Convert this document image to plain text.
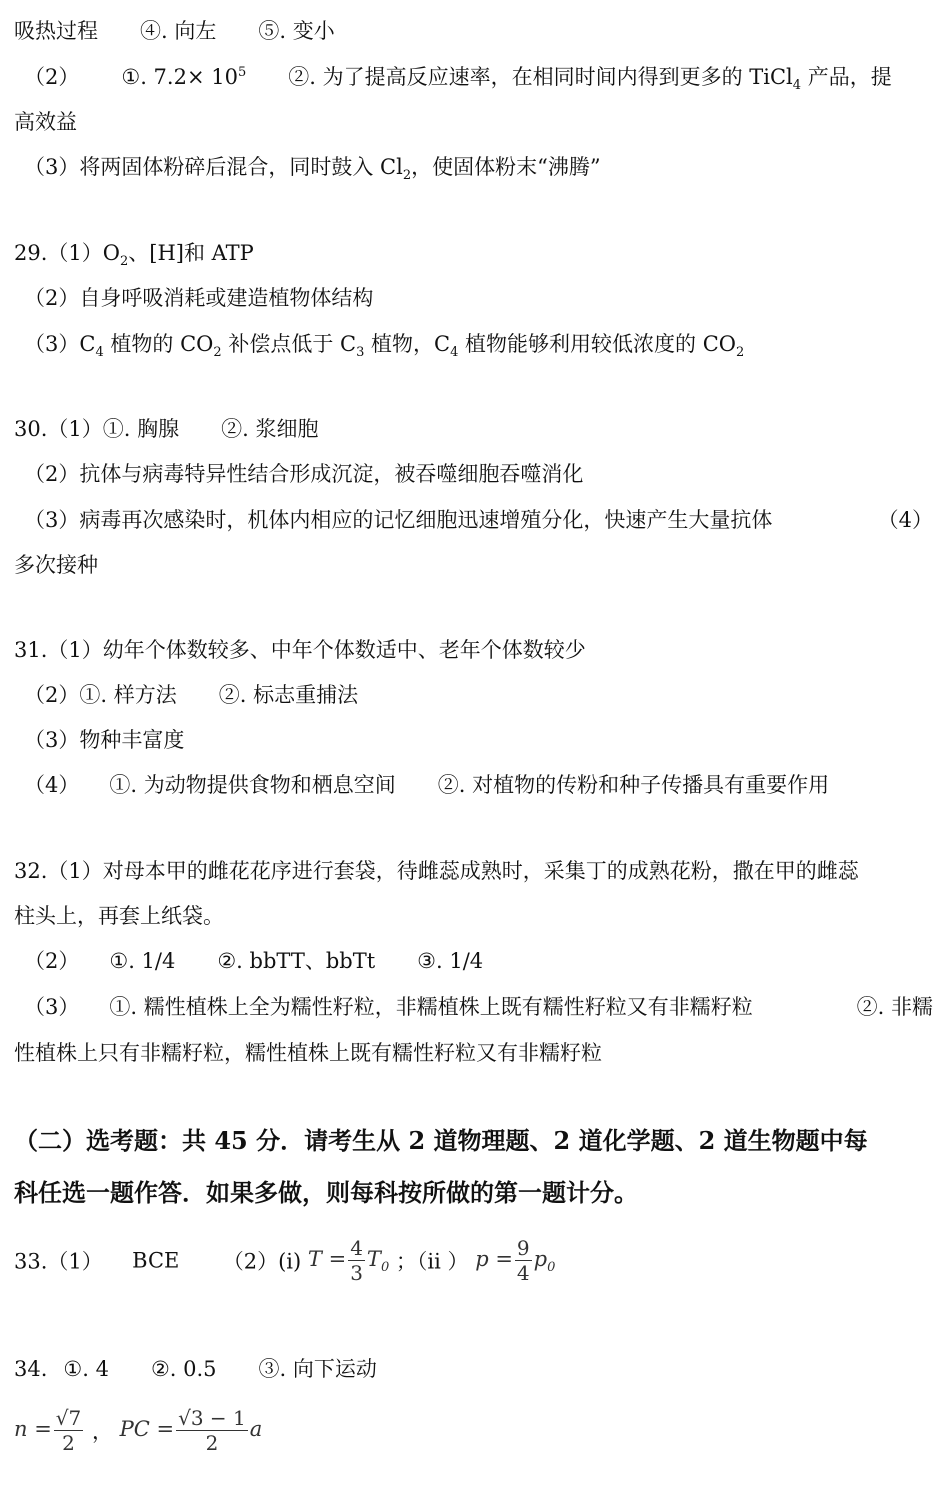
吸热过程 ④. 向左 ⑤. 变小
（2） ①. $7.2\times 10^5$ ②. 为了提高反应速率，在相同时间内得到更多的 TiCl$_4$ 产品，提
高效益
（3）将两固体粉碎后混合，同时鼓入 $Cl_2$，使固体粉末“沸腾”
$29.(1)O_2$、[H]和 ATP
（2）自身呼吸消耗或建造植物体结构
$(3)C_4$ 植物的 $CO_2$ 补偿点低于 $C_3$ 植物，$C_4$ 植物能够利用较低浓度的 $CO_2$
30.（1）①. 胸腺 ②. 浆细胞
（2）抗体与病毒特异性结合形成沉淀，被吞噬细胞吞噬消化
（3）病毒再次感染时，机体内相应的记忆细胞迅速增殖分化，快速产生大量抗体	（4）
多次接种
31.（1）幼年个体数较多、中年个体数适中、老年个体数较少
（2）①. 样方法 ②. 标志重捕法
（3）物种丰富度
（4） ①. 为动物提供食物和栖息空间 ②. 对植物的传粉和种子传播具有重要作用
32.（1）对母本甲的雌花花序进行套袋，待雌蕊成熟时，采集丁的成熟花粉，撒在甲的雌蕊
柱头上，再套上纸袋。
（2） ①. 1/4 ②. bbTT、bbTt ③. 1/4
（3） ①. 糯性植株上全为糯性籽粒，非糯植株上既有糯性籽粒又有非糯籽粒	②. 非糯
性植株上只有非糯籽粒，糯性植株上既有糯性籽粒又有非糯籽粒
（二）选考题：共 45 分．请考生从 2 道物理题、2 道化学题、2 道生物题中每
科任选一题作答．如果多做，则每科按所做的第一题计分。
33.（1） BCE （2）(i) $T = \frac{4}{3} T_0$ ；（ii ） $p = \frac{9}{4} p_0$
34. ①. 4 ②. 0.5 ③. 向下运动
$n = \frac{√7}{2}$ ， PC = $\frac{√3 - 1}{2}$ a
